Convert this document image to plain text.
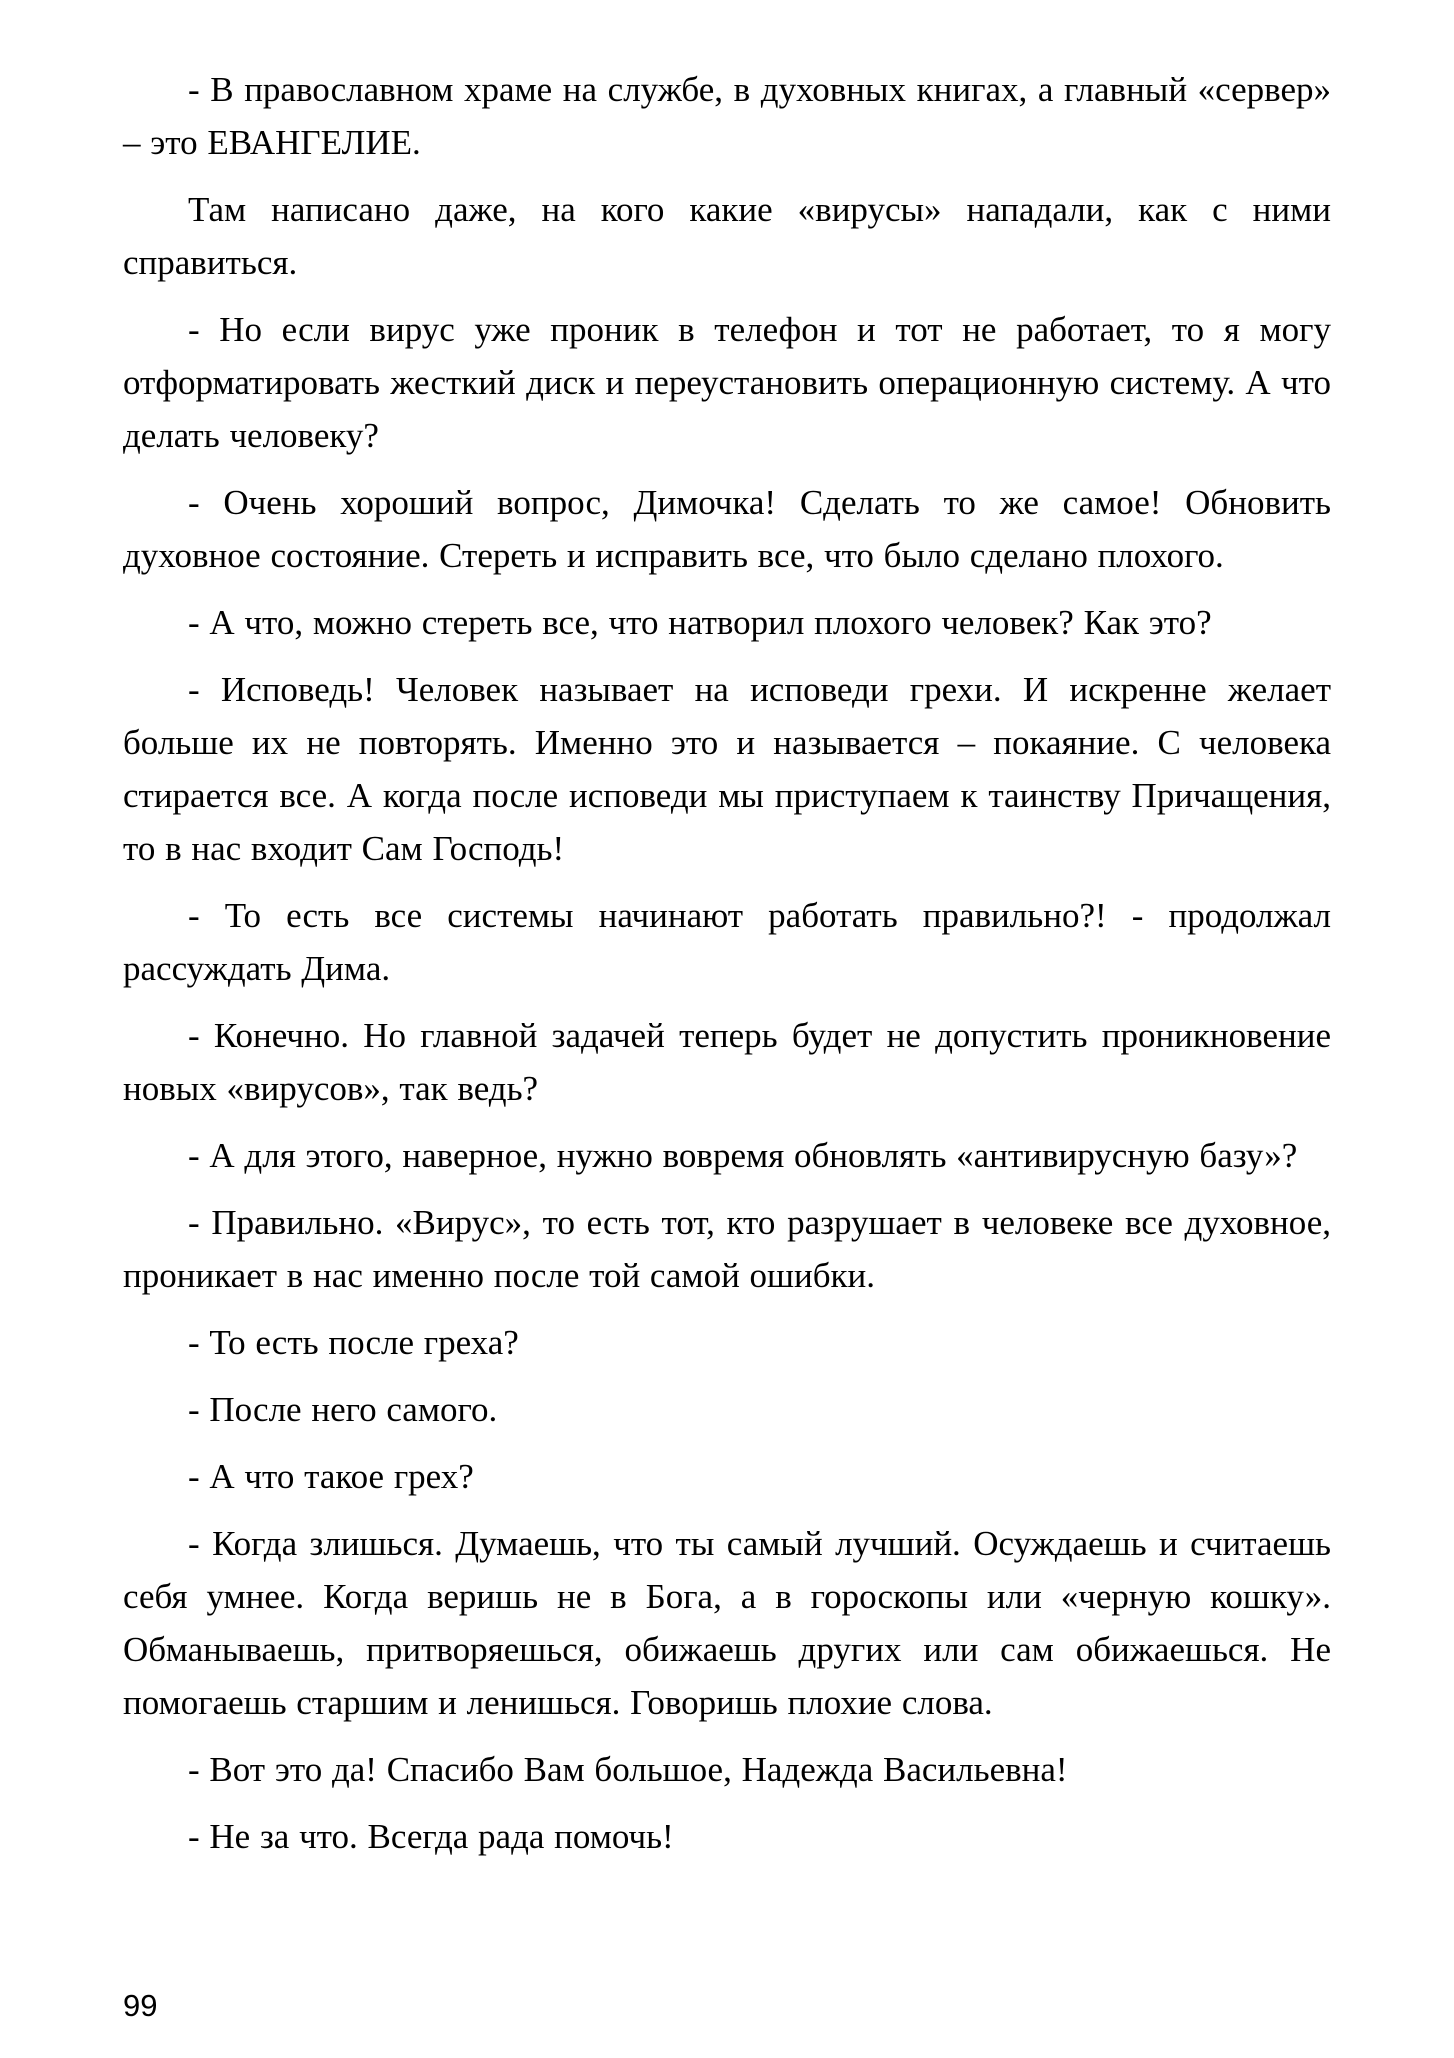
- В православном храме на службе, в духовных книгах, а главный «сервер» – это ЕВАНГЕЛИЕ.

Там написано даже, на кого какие «вирусы» нападали, как с ними справиться.

- Но если вирус уже проник в телефон и тот не работает, то я могу отформатировать жесткий диск и переустановить операционную систему. А что делать человеку?

- Очень хороший вопрос, Димочка! Сделать то же самое! Обновить духовное состояние. Стереть и исправить все, что было сделано плохого.

- А что, можно стереть все, что натворил плохого человек? Как это?

- Исповедь! Человек называет на исповеди грехи. И искренне желает больше их не повторять. Именно это и называется – покаяние. С человека стирается все. А когда после исповеди мы приступаем к таинству Причащения, то в нас входит Сам Господь!

- То есть все системы начинают работать правильно?! - продолжал рассуждать Дима.

- Конечно. Но главной задачей теперь будет не допустить проникновение новых «вирусов», так ведь?

- А для этого, наверное, нужно вовремя обновлять «антивирусную базу»?

- Правильно. «Вирус», то есть тот, кто разрушает в человеке все духовное, проникает в нас именно после той самой ошибки.

- То есть после греха?

- После него самого.

- А что такое грех?

- Когда злишься. Думаешь, что ты самый лучший. Осуждаешь и считаешь себя умнее. Когда веришь не в Бога, а в гороскопы или «черную кошку». Обманываешь, притворяешься, обижаешь других или сам обижаешься. Не помогаешь старшим и ленишься. Говоришь плохие слова.

- Вот это да! Спасибо Вам большое, Надежда Васильевна!

- Не за что. Всегда рада помочь!

99
